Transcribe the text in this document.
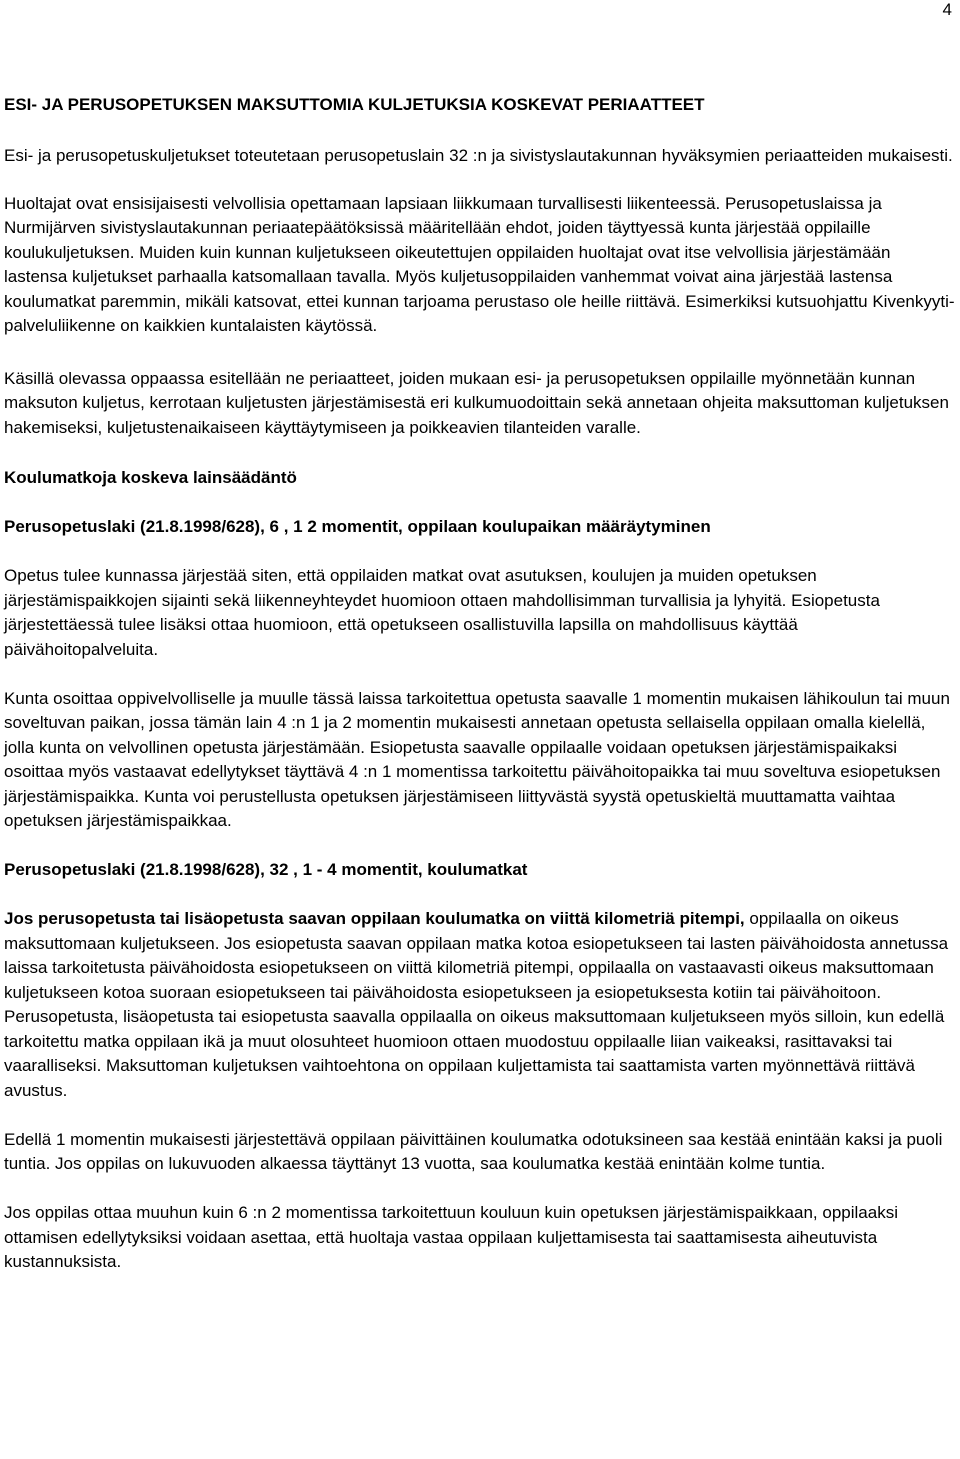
4
ESI- JA PERUSOPETUKSEN MAKSUTTOMIA KULJETUKSIA KOSKEVAT PERIAATTEET

Esi- ja perusopetuskuljetukset toteutetaan perusopetuslain 32 :n ja sivistyslautakunnan hyväksymien periaatteiden mukaisesti.

Huoltajat ovat ensisijaisesti velvollisia opettamaan lapsiaan liikkumaan turvallisesti liikenteessä. Perusopetuslaissa ja Nurmijärven sivistyslautakunnan periaatepäätöksissä määritellään ehdot, joiden täyttyessä kunta järjestää oppilaille koulukuljetuksen. Muiden kuin kunnan kuljetukseen oikeutettujen oppilaiden huoltajat ovat itse velvollisia järjestämään lastensa kuljetukset parhaalla katsomallaan tavalla. Myös kuljetusoppilaiden vanhemmat voivat aina järjestää lastensa koulumatkat paremmin, mikäli katsovat, ettei kunnan tarjoama perustaso ole heille riittävä. Esimerkiksi kutsuohjattu Kivenkyyti-palveluliikenne on kaikkien kuntalaisten käytössä.

Käsillä olevassa oppaassa esitellään ne periaatteet, joiden mukaan esi- ja perusopetuksen oppilaille myönnetään kunnan maksuton kuljetus, kerrotaan kuljetusten järjestämisestä eri kulkumuodoittain sekä annetaan ohjeita maksuttoman kuljetuksen hakemiseksi, kuljetustenaikaiseen käyttäytymiseen ja poikkeavien tilanteiden varalle.

Koulumatkoja koskeva lainsäädäntö
Perusopetuslaki (21.8.1998/628), 6 , 1 2 momentit, oppilaan koulupaikan määräytyminen

Opetus tulee kunnassa järjestää siten, että oppilaiden matkat ovat asutuksen, koulujen ja muiden opetuksen järjestämispaikkojen sijainti sekä liikenneyhteydet huomioon ottaen mahdollisimman turvallisia ja lyhyitä. Esiopetusta järjestettäessä tulee lisäksi ottaa huomioon, että opetukseen osallistuvilla lapsilla on mahdollisuus käyttää päivähoitopalveluita.

Kunta osoittaa oppivelvolliselle ja muulle tässä laissa tarkoitettua opetusta saavalle 1 momentin mukaisen lähikoulun tai muun soveltuvan paikan, jossa tämän lain 4 :n 1 ja 2 momentin mukaisesti annetaan opetusta sellaisella oppilaan omalla kielellä, jolla kunta on velvollinen opetusta järjestämään. Esiopetusta saavalle oppilaalle voidaan opetuksen järjestämispaikaksi osoittaa myös vastaavat edellytykset täyttävä 4 :n 1 momentissa tarkoitettu päivähoitopaikka tai muu soveltuva esiopetuksen järjestämispaikka. Kunta voi perustellusta opetuksen järjestämiseen liittyvästä syystä opetuskieltä muuttamatta vaihtaa opetuksen järjestämispaikkaa.

Perusopetuslaki (21.8.1998/628), 32 , 1 - 4 momentit, koulumatkat

Jos perusopetusta tai lisäopetusta saavan oppilaan koulumatka on viittä kilometriä pitempi, oppilaalla on oikeus maksuttomaan kuljetukseen. Jos esiopetusta saavan oppilaan matka kotoa esiopetukseen tai lasten päivähoidosta annetussa laissa tarkoitetusta päivähoidosta esiopetukseen on viittä kilometriä pitempi, oppilaalla on vastaavasti oikeus maksuttomaan kuljetukseen kotoa suoraan esiopetukseen tai päivähoidosta esiopetukseen ja esiopetuksesta kotiin tai päivähoitoon. Perusopetusta, lisäopetusta tai esiopetusta saavalla oppilaalla on oikeus maksuttomaan kuljetukseen myös silloin, kun edellä tarkoitettu matka oppilaan ikä ja muut olosuhteet huomioon ottaen muodostuu oppilaalle liian vaikeaksi, rasittavaksi tai vaaralliseksi. Maksuttoman kuljetuksen vaihtoehtona on oppilaan kuljettamista tai saattamista varten myönnettävä riittävä avustus.

Edellä 1 momentin mukaisesti järjestettävä oppilaan päivittäinen koulumatka odotuksineen saa kestää enintään kaksi ja puoli tuntia. Jos oppilas on lukuvuoden alkaessa täyttänyt 13 vuotta, saa koulumatka kestää enintään kolme tuntia.

Jos oppilas ottaa muuhun kuin 6 :n 2 momentissa tarkoitettuun kouluun kuin opetuksen järjestämispaikkaan, oppilaaksi ottamisen edellytyksiksi voidaan asettaa, että huoltaja vastaa oppilaan kuljettamisesta tai saattamisesta aiheutuvista kustannuksista.
